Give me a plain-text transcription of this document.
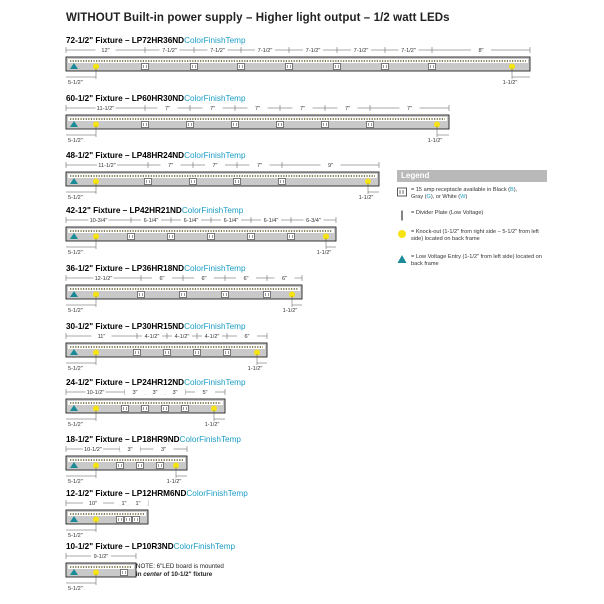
WITHOUT Built-in power supply – Higher light output – 1/2 watt LEDs
72-1/2" Fixture – LP72HR36NDColorFinishTemp
12"	7-1/2"	7-1/2"	7-1/2"	7-1/2"	7-1/2"	7-1/2"	8"
5-1/2"	1-1/2"
60-1/2" Fixture – LP60HR30NDColorFinishTemp
11-1/2"	7"	7"	7"	7"	7"	7"
5-1/2"	1-1/2"
48-1/2" Fixture – LP48HR24NDColorFinishTemp
11-1/2"	7"	7"	7"	9"
5-1/2"	1-1/2"
42-12" Fixture – LP42HR21NDColorFinishTemp
10-3/4"	6-1/4"	6-1/4"	6-1/4"	6-1/4"	6-3/4"
5-1/2"	1-1/2"
36-1/2" Fixture – LP36HR18NDColorFinishTemp
12-1/2"	6"	6"	6"	6"
5-1/2"	1-1/2"
30-1/2" Fixture – LP30HR15NDColorFinishTemp
11"	4-1/2"	4-1/2"	4-1/2"	6"
5-1/2"	1-1/2"
24-1/2" Fixture – LP24HR12NDColorFinishTemp
10-1/2"	3"	3"	3"	5"
5-1/2"	1-1/2"
18-1/2" Fixture – LP18HR9NDColorFinishTemp
10-1/2"	3"	3"
5-1/2"	1-1/2"
12-1/2" Fixture – LP12HRM6NDColorFinishTemp
10"	1" 1"
5-1/2"
10-1/2" Fixture – LP10R3NDColorFinishTemp
9-1/2"
5-1/2"
Legend
= 15 amp receptacle available in Black (B),
Gray (G), or White (W)
= Divider Plate (Low Voltage)
= Knock-out (1-1/2" from right side – 5-1/2" from left side) located on back frame
= Low Voltage Entry (1-1/2" from left side) located on back frame
NOTE: 6"LED board is mounted
in center of 10-1/2" fixture
